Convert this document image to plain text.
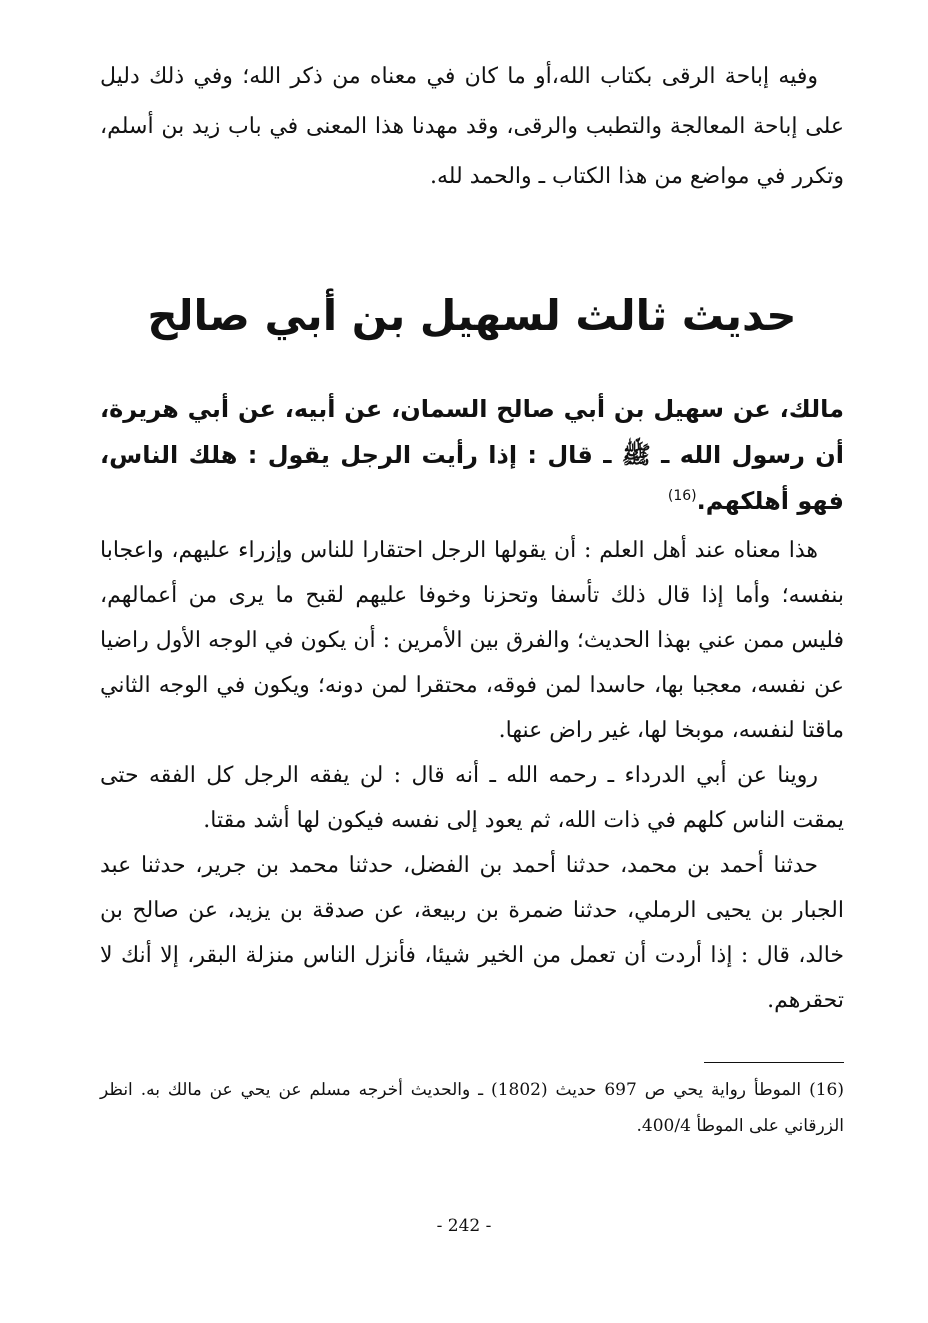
وفيه إباحة الرقى بكتاب الله،أو ما كان في معناه من ذكر الله؛ وفي ذلك دليل على إباحة المعالجة والتطبب والرقى، وقد مهدنا هذا المعنى في باب زيد بن أسلم، وتكرر في مواضع من هذا الكتاب ـ والحمد لله.

حديث ثالث لسهيل بن أبي صالح

مالك، عن سهيل بن أبي صالح السمان، عن أبيه، عن أبي هريرة، أن رسول الله ـ ﷺ ـ قال : إذا رأيت الرجل يقول : هلك الناس، فهو أهلكهم.$^{(16)}$

هذا معناه عند أهل العلم : أن يقولها الرجل احتقارا للناس وإزراء عليهم، واعجابا بنفسه؛ وأما إذا قال ذلك تأسفا وتحزنا وخوفا عليهم لقبح ما يرى من أعمالهم، فليس ممن عني بهذا الحديث؛ والفرق بين الأمرين : أن يكون في الوجه الأول راضيا عن نفسه، معجبا بها، حاسدا لمن فوقه، محتقرا لمن دونه؛ ويكون في الوجه الثاني ماقتا لنفسه، موبخا لها، غير راض عنها.

روينا عن أبي الدرداء ـ رحمه الله ـ أنه قال : لن يفقه الرجل كل الفقه حتى يمقت الناس كلهم في ذات الله، ثم يعود إلى نفسه فيكون لها أشد مقتا.

حدثنا أحمد بن محمد، حدثنا أحمد بن الفضل، حدثنا محمد بن جرير، حدثنا عبد الجبار بن يحيى الرملي، حدثنا ضمرة بن ربيعة، عن صدقة بن يزيد، عن صالح بن خالد، قال : إذا أردت أن تعمل من الخير شيئا، فأنزل الناس منزلة البقر، إلا أنك لا تحقرهم.

(16) الموطأ رواية يحي ص 697 حديث (1802) ـ والحديث أخرجه مسلم عن يحي عن مالك به. انظر الزرقاني على الموطأ 400/4.

- 242 -
